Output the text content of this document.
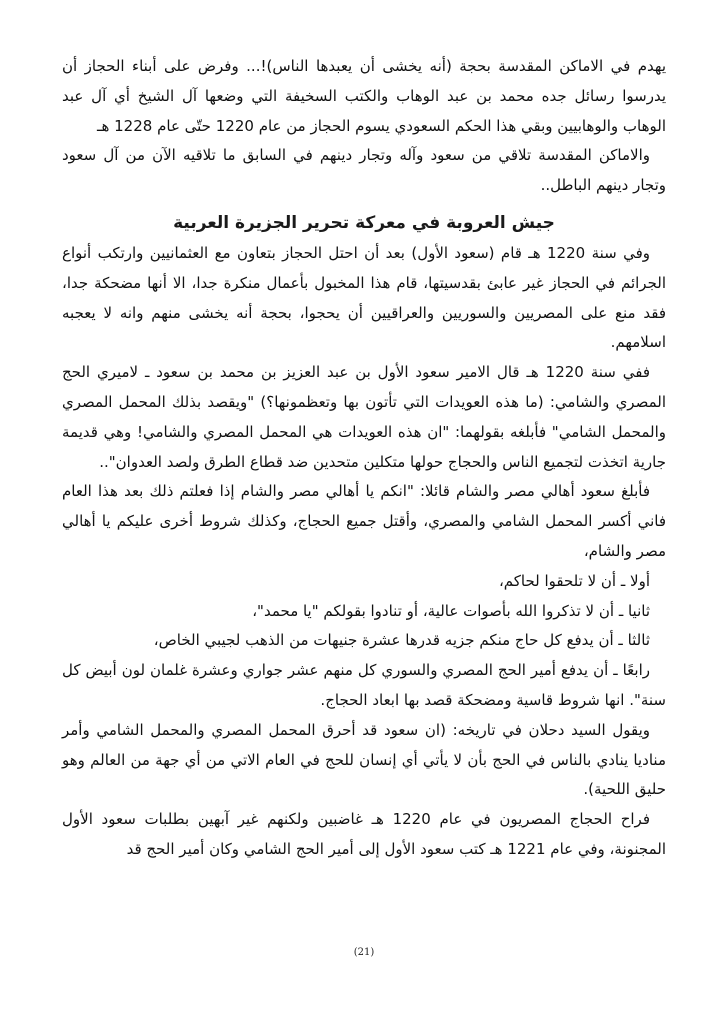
يهدم في الاماكن المقدسة بحجة (أنه يخشى أن يعبدها الناس)!... وفرض على أبناء الحجاز أن يدرسوا رسائل جده محمد بن عبد الوهاب والكتب السخيفة التي وضعها آل الشيخ أي آل عبد الوهاب والوهابيين وبقي هذا الحكم السعودي يسوم الحجاز من عام 1220 حتّى عام 1228 هـ

والاماكن المقدسة تلاقي من سعود وآله وتجار دينهم في السابق ما تلاقيه الآن من آل سعود وتجار دينهم الباطل..

جيش العروبة في معركة تحرير الجزيرة العربية

وفي سنة 1220 هـ قام (سعود الأول) بعد أن احتل الحجاز بتعاون مع العثمانيين وارتكب أنواع الجرائم في الحجاز غير عابئ بقدسيتها، قام هذا المخبول بأعمال منكرة جدا، الا أنها مضحكة جدا، فقد منع على المصريين والسوريين والعراقيين أن يحجوا، بحجة أنه يخشى منهم وانه لا يعجبه اسلامهم.

ففي سنة 1220 هـ قال الامير سعود الأول بن عبد العزيز بن محمد بن سعود ـ لاميري الحج المصري والشامي: (ما هذه العويدات التي تأتون بها وتعظمونها؟) "ويقصد بذلك المحمل المصري والمحمل الشامي" فأبلغه بقولهما: "ان هذه العويدات هي المحمل المصري والشامي! وهي قديمة جارية اتخذت لتجميع الناس والحجاج حولها متكلين متحدين ضد قطاع الطرق ولصد العدوان"..

فأبلغ سعود أهالي مصر والشام قائلا: "انكم يا أهالي مصر والشام إذا فعلتم ذلك بعد هذا العام فاني أكسر المحمل الشامي والمصري، وأقتل جميع الحجاج، وكذلك شروط أخرى عليكم يا أهالي مصر والشام،

أولا ـ أن لا تلحقوا لحاكم،

ثانيا ـ أن لا تذكروا الله بأصوات عالية، أو تنادوا بقولكم "يا محمد"،

ثالثا ـ أن يدفع كل حاج منكم جزيه قدرها عشرة جنيهات من الذهب لجيبي الخاص،

رابعًا ـ أن يدفع أمير الحج المصري والسوري كل منهم عشر جواري وعشرة غلمان لون أبيض كل سنة". انها شروط قاسية ومضحكة قصد بها ابعاد الحجاج.

ويقول السيد دحلان في تاريخه: (ان سعود قد أحرق المحمل المصري والمحمل الشامي وأمر مناديا ينادي بالناس في الحج بأن لا يأتي أي إنسان للحج في العام الاتي من أي جهة من العالم وهو حليق اللحية).

فراح الحجاج المصريون في عام 1220 هـ غاضبين ولكنهم غير آبهين بطلبات سعود الأول المجنونة، وفي عام 1221 هـ كتب سعود الأول إلى أمير الحج الشامي وكان أمير الحج قد

(21)
